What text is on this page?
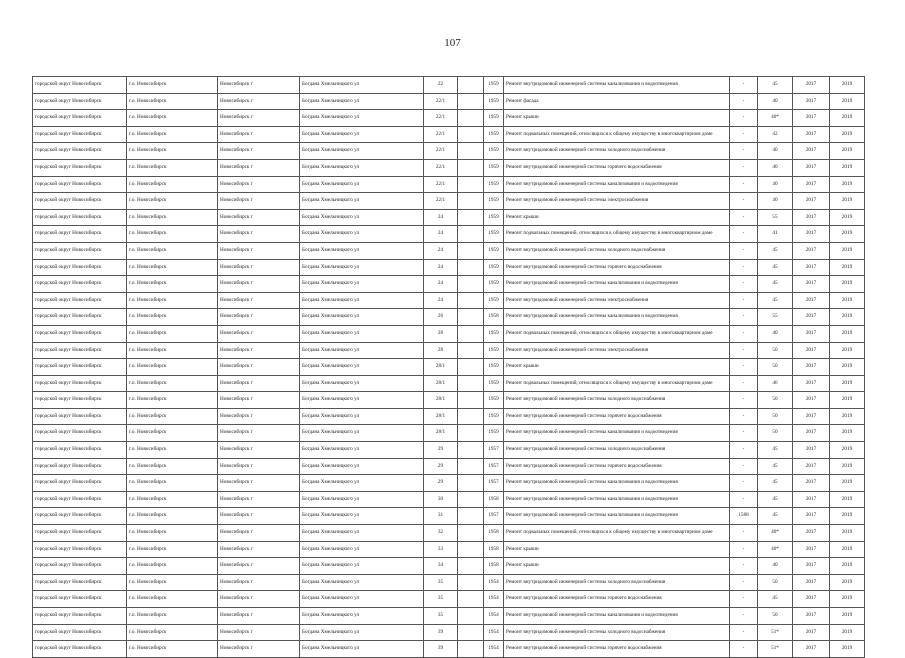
107
городской округ Новосибирск	г.о. Новосибирск	Новосибирск г	Богдана Хмельницкого ул	22		1959	Ремонт внутридомовой инженерной системы канализования и водоотведения	-	45	2017	2019
городской округ Новосибирск	г.о. Новосибирск	Новосибирск г	Богдана Хмельницкого ул	22/1		1959	Ремонт фасада	-	40	2017	2019
городской округ Новосибирск	г.о. Новосибирск	Новосибирск г	Богдана Хмельницкого ул	22/1		1959	Ремонт крыши	-	40*	2017	2019
городской округ Новосибирск	г.о. Новосибирск	Новосибирск г	Богдана Хмельницкого ул	22/1		1959	Ремонт подвальных помещений, относящихся к общему имуществу в многоквартирном доме	-	42	2017	2019
городской округ Новосибирск	г.о. Новосибирск	Новосибирск г	Богдана Хмельницкого ул	22/1		1959	Ремонт внутридомовой инженерной системы холодного водоснабжения	-	40	2017	2019
городской округ Новосибирск	г.о. Новосибирск	Новосибирск г	Богдана Хмельницкого ул	22/1		1959	Ремонт внутридомовой инженерной системы горячего водоснабжения	-	40	2017	2019
городской округ Новосибирск	г.о. Новосибирск	Новосибирск г	Богдана Хмельницкого ул	22/1		1959	Ремонт внутридомовой инженерной системы канализования и водоотведения	-	40	2017	2019
городской округ Новосибирск	г.о. Новосибирск	Новосибирск г	Богдана Хмельницкого ул	22/1		1959	Ремонт внутридомовой инженерной системы электроснабжения	-	40	2017	2019
городской округ Новосибирск	г.о. Новосибирск	Новосибирск г	Богдана Хмельницкого ул	24		1959	Ремонт крыши	-	55	2017	2019
городской округ Новосибирск	г.о. Новосибирск	Новосибирск г	Богдана Хмельницкого ул	24		1959	Ремонт подвальных помещений, относящихся к общему имуществу в многоквартирном доме	-	41	2017	2019
городской округ Новосибирск	г.о. Новосибирск	Новосибирск г	Богдана Хмельницкого ул	24		1959	Ремонт внутридомовой инженерной системы холодного водоснабжения	-	45	2017	2019
городской округ Новосибирск	г.о. Новосибирск	Новосибирск г	Богдана Хмельницкого ул	24		1959	Ремонт внутридомовой инженерной системы горячего водоснабжения	-	45	2017	2019
городской округ Новосибирск	г.о. Новосибирск	Новосибирск г	Богдана Хмельницкого ул	24		1959	Ремонт внутридомовой инженерной системы канализования и водоотведения	-	45	2017	2019
городской округ Новосибирск	г.о. Новосибирск	Новосибирск г	Богдана Хмельницкого ул	24		1959	Ремонт внутридомовой инженерной системы электроснабжения	-	45	2017	2019
городской округ Новосибирск	г.о. Новосибирск	Новосибирск г	Богдана Хмельницкого ул	26		1958	Ремонт внутридомовой инженерной системы канализования и водоотведения	-	55	2017	2019
городской округ Новосибирск	г.о. Новосибирск	Новосибирск г	Богдана Хмельницкого ул	28		1959	Ремонт подвальных помещений, относящихся к общему имуществу в многоквартирном доме	-	40	2017	2019
городской округ Новосибирск	г.о. Новосибирск	Новосибирск г	Богдана Хмельницкого ул	28		1959	Ремонт внутридомовой инженерной системы электроснабжения	-	50	2017	2019
городской округ Новосибирск	г.о. Новосибирск	Новосибирск г	Богдана Хмельницкого ул	28/1		1959	Ремонт крыши	-	50	2017	2019
городской округ Новосибирск	г.о. Новосибирск	Новосибирск г	Богдана Хмельницкого ул	28/1		1959	Ремонт подвальных помещений, относящихся к общему имуществу в многоквартирном доме	-	46	2017	2019
городской округ Новосибирск	г.о. Новосибирск	Новосибирск г	Богдана Хмельницкого ул	28/1		1959	Ремонт внутридомовой инженерной системы холодного водоснабжения	-	50	2017	2019
городской округ Новосибирск	г.о. Новосибирск	Новосибирск г	Богдана Хмельницкого ул	28/1		1959	Ремонт внутридомовой инженерной системы горячего водоснабжения	-	50	2017	2019
городской округ Новосибирск	г.о. Новосибирск	Новосибирск г	Богдана Хмельницкого ул	28/1		1959	Ремонт внутридомовой инженерной системы канализования и водоотведения	-	50	2017	2019
городской округ Новосибирск	г.о. Новосибирск	Новосибирск г	Богдана Хмельницкого ул	29		1957	Ремонт внутридомовой инженерной системы холодного водоснабжения	-	45	2017	2019
городской округ Новосибирск	г.о. Новосибирск	Новосибирск г	Богдана Хмельницкого ул	29		1957	Ремонт внутридомовой инженерной системы горячего водоснабжения	-	45	2017	2019
городской округ Новосибирск	г.о. Новосибирск	Новосибирск г	Богдана Хмельницкого ул	29		1957	Ремонт внутридомовой инженерной системы канализования и водоотведения	-	45	2017	2019
городской округ Новосибирск	г.о. Новосибирск	Новосибирск г	Богдана Хмельницкого ул	30		1958	Ремонт внутридомовой инженерной системы канализования и водоотведения	-	45	2017	2019
городской округ Новосибирск	г.о. Новосибирск	Новосибирск г	Богдана Хмельницкого ул	31		1957	Ремонт внутридомовой инженерной системы канализования и водоотведения	1588	45	2017	2019
городской округ Новосибирск	г.о. Новосибирск	Новосибирск г	Богдана Хмельницкого ул	32		1958	Ремонт подвальных помещений, относящихся к общему имуществу в многоквартирном доме	-	40*	2017	2019
городской округ Новосибирск	г.о. Новосибирск	Новосибирск г	Богдана Хмельницкого ул	33		1958	Ремонт крыши	-	40*	2017	2019
городской округ Новосибирск	г.о. Новосибирск	Новосибирск г	Богдана Хмельницкого ул	34		1958	Ремонт крыши	-	40	2017	2019
городской округ Новосибирск	г.о. Новосибирск	Новосибирск г	Богдана Хмельницкого ул	35		1954	Ремонт внутридомовой инженерной системы холодного водоснабжения	-	50	2017	2019
городской округ Новосибирск	г.о. Новосибирск	Новосибирск г	Богдана Хмельницкого ул	35		1954	Ремонт внутридомовой инженерной системы горячего водоснабжения	-	45	2017	2019
городской округ Новосибирск	г.о. Новосибирск	Новосибирск г	Богдана Хмельницкого ул	35		1954	Ремонт внутридомовой инженерной системы канализования и водоотведения	-	50	2017	2019
городской округ Новосибирск	г.о. Новосибирск	Новосибирск г	Богдана Хмельницкого ул	39		1954	Ремонт внутридомовой инженерной системы холодного водоснабжения	-	51*	2017	2019
городской округ Новосибирск	г.о. Новосибирск	Новосибирск г	Богдана Хмельницкого ул	39		1954	Ремонт внутридомовой инженерной системы горячего водоснабжения	-	51*	2017	2019
